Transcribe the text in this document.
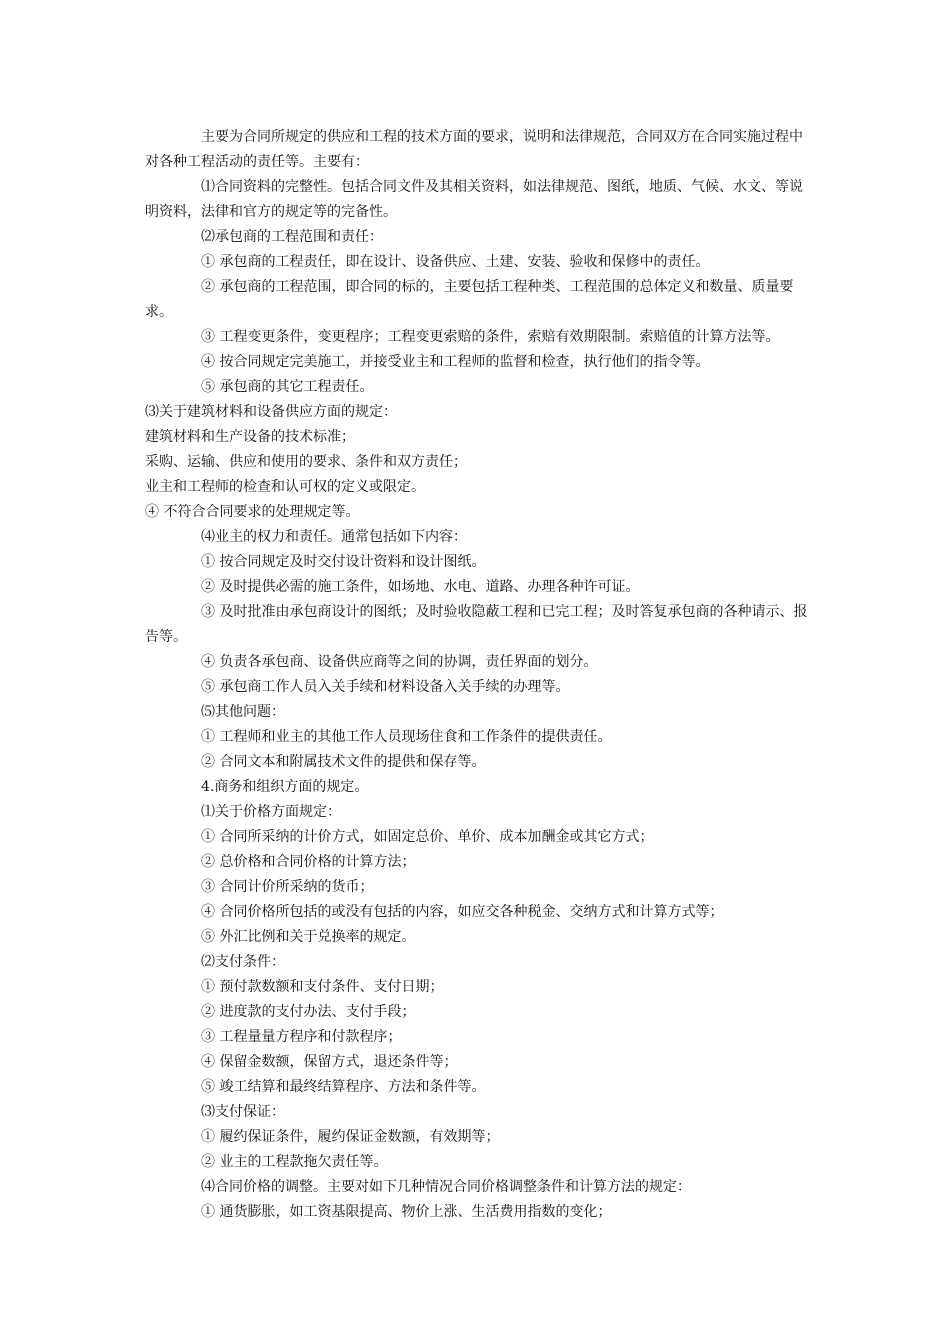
主要为合同所规定的供应和工程的技术方面的要求，说明和法律规范，合同双方在合同实施过程中对各种工程活动的责任等。主要有：

⑴合同资料的完整性。包括合同文件及其相关资料，如法律规范、图纸，地质、气候、水文、等说明资料，法律和官方的规定等的完备性。

⑵承包商的工程范围和责任：

① 承包商的工程责任，即在设计、设备供应、土建、安装、验收和保修中的责任。

② 承包商的工程范围，即合同的标的，主要包括工程种类、工程范围的总体定义和数量、质量要求。

③ 工程变更条件，变更程序；工程变更索赔的条件，索赔有效期限制。索赔值的计算方法等。

④ 按合同规定完美施工，并接受业主和工程师的监督和检查，执行他们的指令等。

⑤ 承包商的其它工程责任。

⑶关于建筑材料和设备供应方面的规定：

建筑材料和生产设备的技术标准；

采购、运输、供应和使用的要求、条件和双方责任；

业主和工程师的检查和认可权的定义或限定。

④ 不符合合同要求的处理规定等。

⑷业主的权力和责任。通常包括如下内容：

① 按合同规定及时交付设计资料和设计图纸。

② 及时提供必需的施工条件，如场地、水电、道路、办理各种许可证。

③ 及时批准由承包商设计的图纸；及时验收隐蔽工程和已完工程；及时答复承包商的各种请示、报告等。

④ 负责各承包商、设备供应商等之间的协调，责任界面的划分。

⑤ 承包商工作人员入关手续和材料设备入关手续的办理等。

⑸其他问题：

① 工程师和业主的其他工作人员现场住食和工作条件的提供责任。

② 合同文本和附属技术文件的提供和保存等。

4.商务和组织方面的规定。

⑴关于价格方面规定：

① 合同所采纳的计价方式，如固定总价、单价、成本加酬金或其它方式；

② 总价格和合同价格的计算方法；

③ 合同计价所采纳的货币；

④ 合同价格所包括的或没有包括的内容，如应交各种税金、交纳方式和计算方式等；

⑤ 外汇比例和关于兑换率的规定。

⑵支付条件：

① 预付款数额和支付条件、支付日期；

② 进度款的支付办法、支付手段；

③ 工程量量方程序和付款程序；

④ 保留金数额，保留方式，退还条件等；

⑤ 竣工结算和最终结算程序、方法和条件等。

⑶支付保证：

① 履约保证条件，履约保证金数额，有效期等；

② 业主的工程款拖欠责任等。

⑷合同价格的调整。主要对如下几种情况合同价格调整条件和计算方法的规定：

① 通货膨胀，如工资基限提高、物价上涨、生活费用指数的变化；
